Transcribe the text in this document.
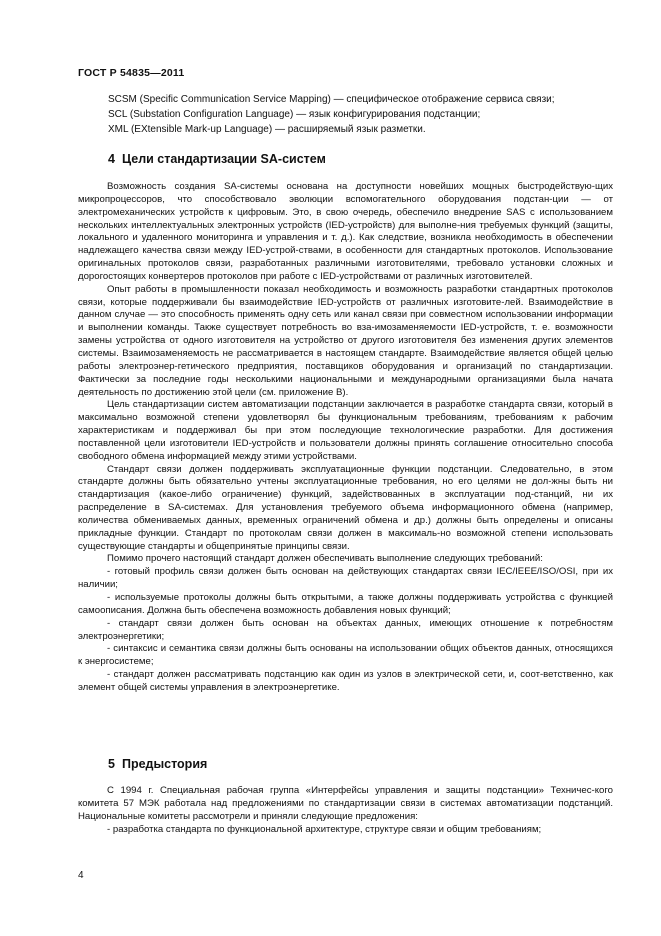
ГОСТ Р 54835—2011
SCSM (Specific Communication Service Mapping) — специфическое отображение сервиса связи;
SCL (Substation Configuration Language) — язык конфигурирования подстанции;
XML (EXtensible Mark-up Language) — расширяемый язык разметки.
4 Цели стандартизации SA-систем

Возможность создания SA-системы основана на доступности новейших мощных быстродействую-щих микропроцессоров, что способствовало эволюции вспомогательного оборудования подстан-ции — от электромеханических устройств к цифровым. Это, в свою очередь, обеспечило внедрение SAS с использованием нескольких интеллектуальных электронных устройств (IED-устройств) для выполне-ния требуемых функций (защиты, локального и удаленного мониторинга и управления и т. д.). Как следствие, возникла необходимость в обеспечении надлежащего качества связи между IED-устрой-ствами, в особенности для стандартных протоколов. Использование оригинальных протоколов связи, разработанных различными изготовителями, требовало установки сложных и дорогостоящих конвертеров протоколов при работе с IED-устройствами от различных изготовителей.

Опыт работы в промышленности показал необходимость и возможность разработки стандартных протоколов связи, которые поддерживали бы взаимодействие IED-устройств от различных изготовите-лей. Взаимодействие в данном случае — это способность применять одну сеть или канал связи при совместном использовании информации и выполнении команды. Также существует потребность во вза-имозаменяемости IED-устройств, т. е. возможности замены устройства от одного изготовителя на устройство от другого изготовителя без изменения других элементов системы. Взаимозаменяемость не рассматривается в настоящем стандарте. Взаимодействие является общей целью работы электроэнер-гетического предприятия, поставщиков оборудования и организаций по стандартизации. Фактически за последние годы несколькими национальными и международными организациями была начата деятельность по достижению этой цели (см. приложение В).

Цель стандартизации систем автоматизации подстанции заключается в разработке стандарта связи, который в максимально возможной степени удовлетворял бы функциональным требованиям, требованиям к рабочим характеристикам и поддерживал бы при этом последующие технологические разработки. Для достижения поставленной цели изготовители IED-устройств и пользователи должны принять соглашение относительно способа свободного обмена информацией между этими устройствами.

Стандарт связи должен поддерживать эксплуатационные функции подстанции. Следовательно, в этом стандарте должны быть обязательно учтены эксплуатационные требования, но его целями не дол-жны быть ни стандартизация (какое-либо ограничение) функций, задействованных в эксплуатации под-станций, ни их распределение в SA-системах. Для установления требуемого объема информационного обмена (например, количества обмениваемых данных, временных ограничений обмена и др.) должны быть определены и описаны прикладные функции. Стандарт по протоколам связи должен в максималь-но возможной степени использовать существующие стандарты и общепринятые принципы связи.

Помимо прочего настоящий стандарт должен обеспечивать выполнение следующих требований:

- готовый профиль связи должен быть основан на действующих стандартах связи IEC/IEEE/ISO/OSI, при их наличии;

- используемые протоколы должны быть открытыми, а также должны поддерживать устройства с функцией самоописания. Должна быть обеспечена возможность добавления новых функций;

- стандарт связи должен быть основан на объектах данных, имеющих отношение к потребностям электроэнергетики;

- синтаксис и семантика связи должны быть основаны на использовании общих объектов данных, относящихся к энергосистеме;

- стандарт должен рассматривать подстанцию как один из узлов в электрической сети, и, соот-ветственно, как элемент общей системы управления в электроэнергетике.

5 Предыстория

С 1994 г. Специальная рабочая группа «Интерфейсы управления и защиты подстанции» Техничес-кого комитета 57 МЭК работала над предложениями по стандартизации связи в системах автоматизации подстанций. Национальные комитеты рассмотрели и приняли следующие предложения:

- разработка стандарта по функциональной архитектуре, структуре связи и общим требованиям;

4
